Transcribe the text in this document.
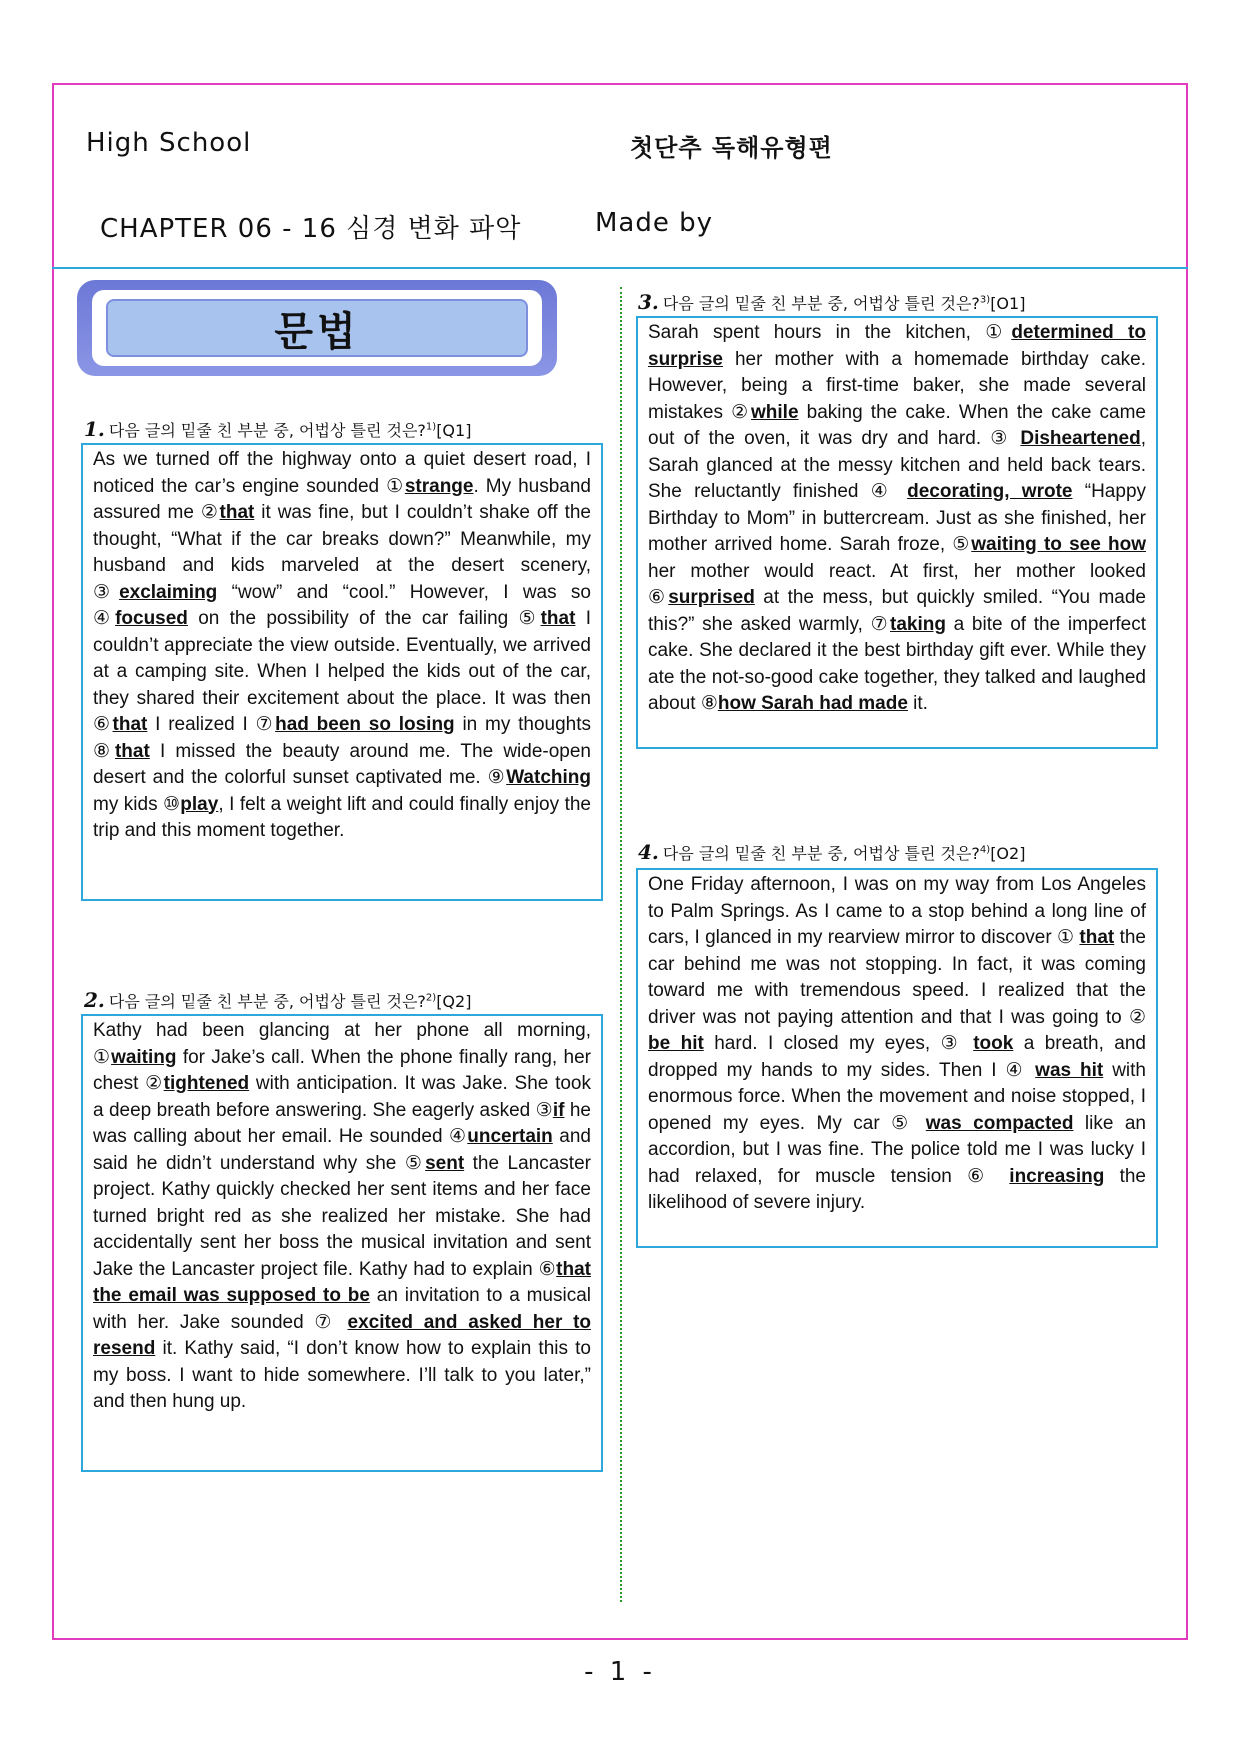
High School	첫단추 독해유형편
CHAPTER 06 - 16 심경 변화 파악	Made by
문법
1. 다음 글의 밑줄 친 부분 중, 어법상 틀린 것은?$^{1)}$[Q1]

As we turned off the highway onto a quiet desert road, I noticed the car’s engine sounded ①strange. My husband assured me ②that it was fine, but I couldn’t shake off the thought, “What if the car breaks down?” Meanwhile, my husband and kids marveled at the desert scenery, ③exclaiming “wow” and “cool.” However, I was so ④focused on the possibility of the car failing ⑤that I couldn’t appreciate the view outside. Eventually, we arrived at a camping site. When I helped the kids out of the car, they shared their excitement about the place. It was then ⑥that I realized I ⑦had been so losing in my thoughts ⑧that I missed the beauty around me. The wide-open desert and the colorful sunset captivated me. ⑨Watching my kids ⑩play, I felt a weight lift and could finally enjoy the trip and this moment together.

2. 다음 글의 밑줄 친 부분 중, 어법상 틀린 것은?$^{2)}$[Q2]

Kathy had been glancing at her phone all morning, ①waiting for Jake’s call. When the phone finally rang, her chest ②tightened with anticipation. It was Jake. She took a deep breath before answering. She eagerly asked ③if he was calling about her email. He sounded ④uncertain and said he didn’t understand why she ⑤sent the Lancaster project. Kathy quickly checked her sent items and her face turned bright red as she realized her mistake. She had accidentally sent her boss the musical invitation and sent Jake the Lancaster project file. Kathy had to explain ⑥that the email was supposed to be an invitation to a musical with her. Jake sounded ⑦ excited and asked her to resend it. Kathy said, “I don’t know how to explain this to my boss. I want to hide somewhere. I’ll talk to you later,” and then hung up.

3. 다음 글의 밑줄 친 부분 중, 어법상 틀린 것은?$^{3)}$[O1]

Sarah spent hours in the kitchen, ①determined to surprise her mother with a homemade birthday cake. However, being a first-time baker, she made several mistakes ②while baking the cake. When the cake came out of the oven, it was dry and hard. ③ Disheartened, Sarah glanced at the messy kitchen and held back tears. She reluctantly finished ④ decorating, wrote “Happy Birthday to Mom” in buttercream. Just as she finished, her mother arrived home. Sarah froze, ⑤waiting to see how her mother would react. At first, her mother looked ⑥surprised at the mess, but quickly smiled. “You made this?” she asked warmly, ⑦taking a bite of the imperfect cake. She declared it the best birthday gift ever. While they ate the not-so-good cake together, they talked and laughed about ⑧how Sarah had made it.

4. 다음 글의 밑줄 친 부분 중, 어법상 틀린 것은?$^{4)}$[O2]

One Friday afternoon, I was on my way from Los Angeles to Palm Springs. As I came to a stop behind a long line of cars, I glanced in my rearview mirror to discover ① that the car behind me was not stopping. In fact, it was coming toward me with tremendous speed. I realized that the driver was not paying attention and that I was going to ② be hit hard. I closed my eyes, ③ took a breath, and dropped my hands to my sides. Then I ④ was hit with enormous force. When the movement and noise stopped, I opened my eyes. My car ⑤ was compacted like an accordion, but I was fine. The police told me I was lucky I had relaxed, for muscle tension ⑥ increasing the likelihood of severe injury.

- 1 -
